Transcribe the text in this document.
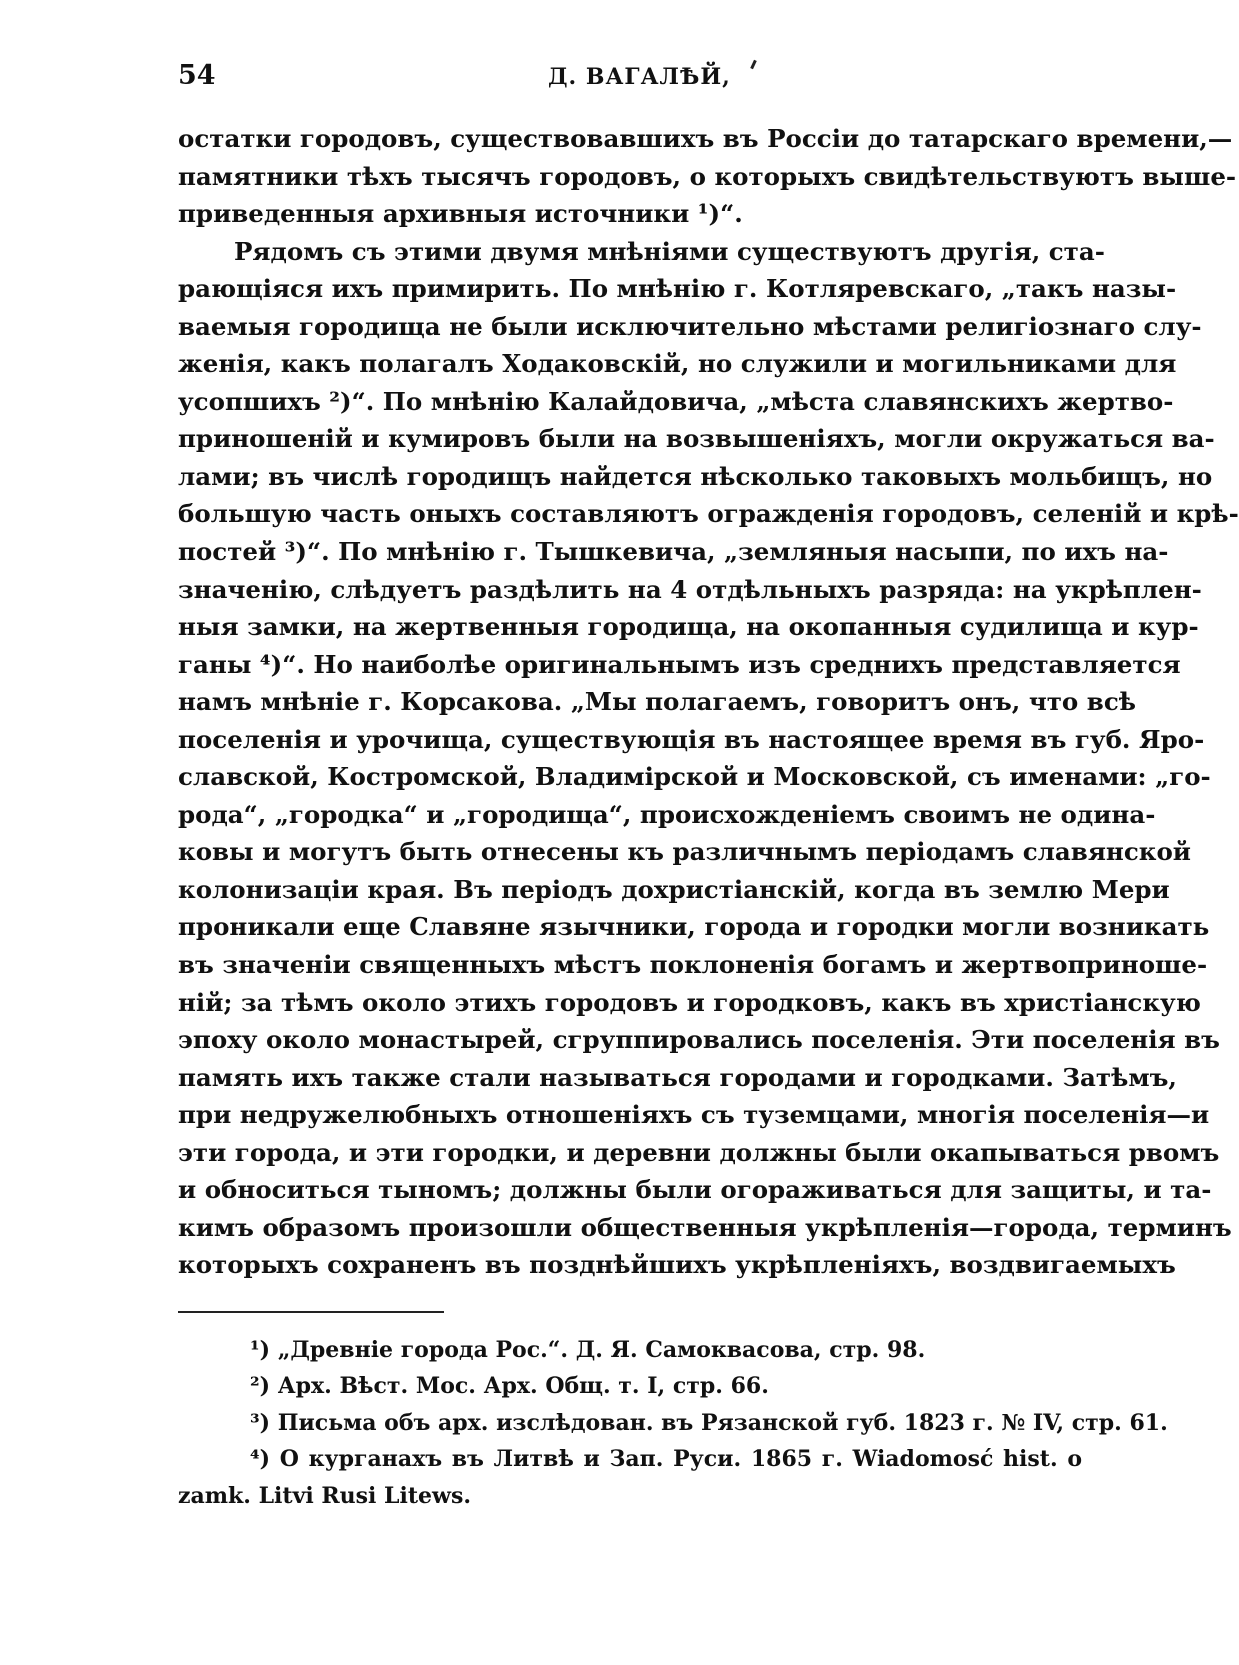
54	Д. ВАГАЛѢЙ,
остатки городовъ, существовавшихъ въ Россіи до татарскаго времени,—
памятники тѣхъ тысячъ городовъ, о которыхъ свидѣтельствуютъ выше-
приведенныя архивныя источники ¹)“.
Рядомъ съ этими двумя мнѣніями существуютъ другія, ста-
рающіяся ихъ примирить. По мнѣнію г. Котляревскаго, „такъ назы-
ваемыя городища не были исключительно мѣстами религіознаго слу-
женія, какъ полагалъ Ходаковскій, но служили и могильниками для
усопшихъ ²)“. По мнѣнію Калайдовича, „мѣста славянскихъ жертво-
приношеній и кумировъ были на возвышеніяхъ, могли окружаться ва-
лами; въ числѣ городищъ найдется нѣсколько таковыхъ мольбищъ, но
большую часть оныхъ составляютъ огражденія городовъ, селеній и крѣ-
постей ³)“. По мнѣнію г. Тышкевича, „земляныя насыпи, по ихъ на-
значенію, слѣдуетъ раздѣлить на 4 отдѣльныхъ разряда: на укрѣплен-
ныя замки, на жертвенныя городища, на окопанныя судилища и кур-
ганы ⁴)“. Но наиболѣе оригинальнымъ изъ среднихъ представляется
намъ мнѣніе г. Корсакова. „Мы полагаемъ, говоритъ онъ, что всѣ
поселенія и урочища, существующія въ настоящее время въ губ. Яро-
славской, Костромской, Владимірской и Московской, съ именами: „го-
рода“, „городка“ и „городища“, происхожденіемъ своимъ не одина-
ковы и могутъ быть отнесены къ различнымъ періодамъ славянской
колонизаціи края. Въ періодъ дохристіанскій, когда въ землю Мери
проникали еще Славяне язычники, города и городки могли возникать
въ значеніи священныхъ мѣстъ поклоненія богамъ и жертвоприноше-
ній; за тѣмъ около этихъ городовъ и городковъ, какъ въ христіанскую
эпоху около монастырей, сгруппировались поселенія. Эти поселенія въ
память ихъ также стали называться городами и городками. Затѣмъ,
при недружелюбныхъ отношеніяхъ съ туземцами, многія поселенія—и
эти города, и эти городки, и деревни должны были окапываться рвомъ
и обноситься тыномъ; должны были огораживаться для защиты, и та-
кимъ образомъ произошли общественныя укрѣпленія—города, терминъ
которыхъ сохраненъ въ позднѣйшихъ укрѣпленіяхъ, воздвигаемыхъ
¹) „Древніе города Рос.“. Д. Я. Самоквасова, стр. 98.
²) Арх. Вѣст. Мос. Арх. Общ. т. I, стр. 66.
³) Письма объ арх. изслѣдован. въ Рязанской губ. 1823 г. № IV, стр. 61.
⁴) О курганахъ въ Литвѣ и Зап. Руси. 1865 г. Wiadomosć hist. o
zamk. Litvi Rusi Litews.
